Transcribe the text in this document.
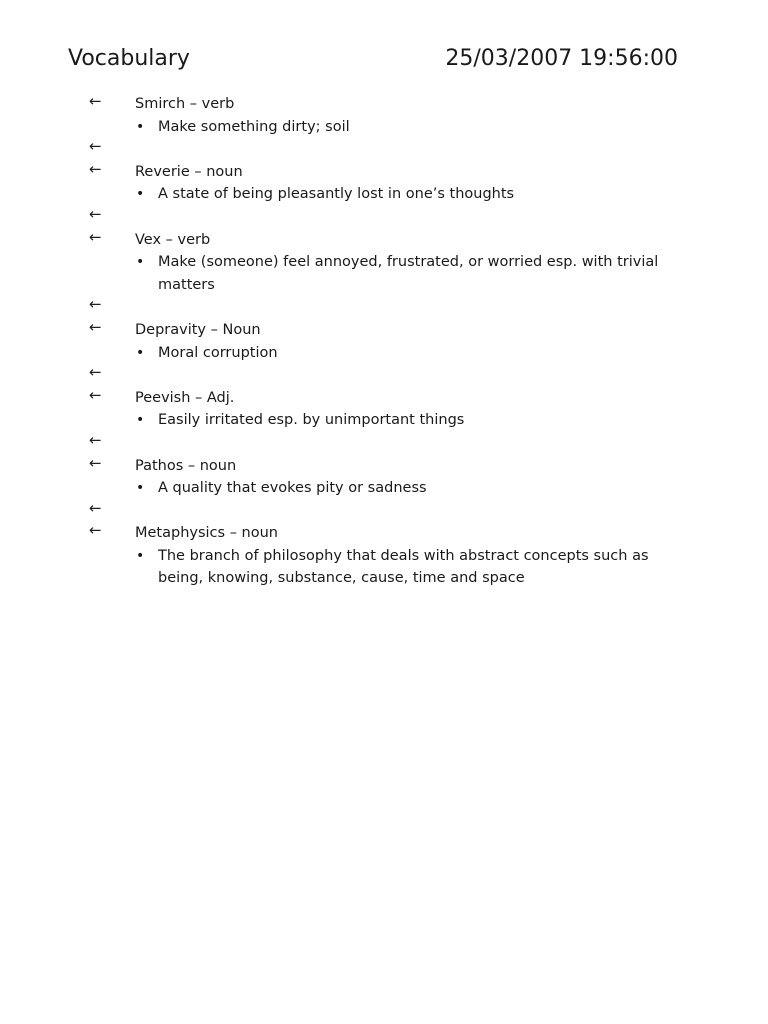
Vocabulary	25/03/2007 19:56:00
← Smirch – verb
• Make something dirty; soil
←
← Reverie – noun
• A state of being pleasantly lost in one’s thoughts
←
← Vex – verb
• Make (someone) feel annoyed, frustrated, or worried esp. with trivial matters
←
← Depravity – Noun
• Moral corruption
←
← Peevish – Adj.
• Easily irritated esp. by unimportant things
←
← Pathos – noun
• A quality that evokes pity or sadness
←
← Metaphysics – noun
• The branch of philosophy that deals with abstract concepts such as being, knowing, substance, cause, time and space
